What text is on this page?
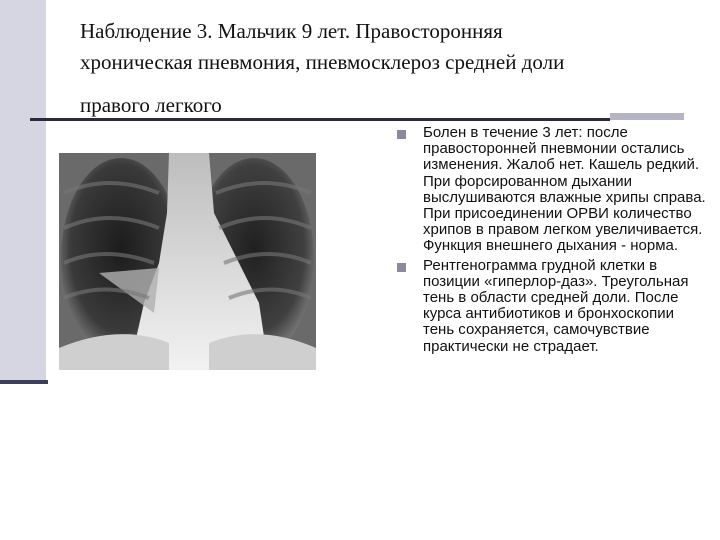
Наблюдение 3. Мальчик 9 лет. Правосторонняя
хроническая пневмония, пневмосклероз средней доли
правого легкого
Болен в течение 3 лет: после правосторонней пневмонии остались изменения. Жалоб нет. Кашель редкий. При форсированном дыхании выслушиваются влажные хрипы справа. При присоединении ОРВИ количество хрипов в правом легком увеличивается. Функция внешнего дыхания - норма.
Рентгенограмма грудной клетки в позиции «гиперлор-даз». Треугольная тень в области средней доли. После курса антибиотиков и бронхоскопии тень сохраняется, самочувствие практически не страдает.
